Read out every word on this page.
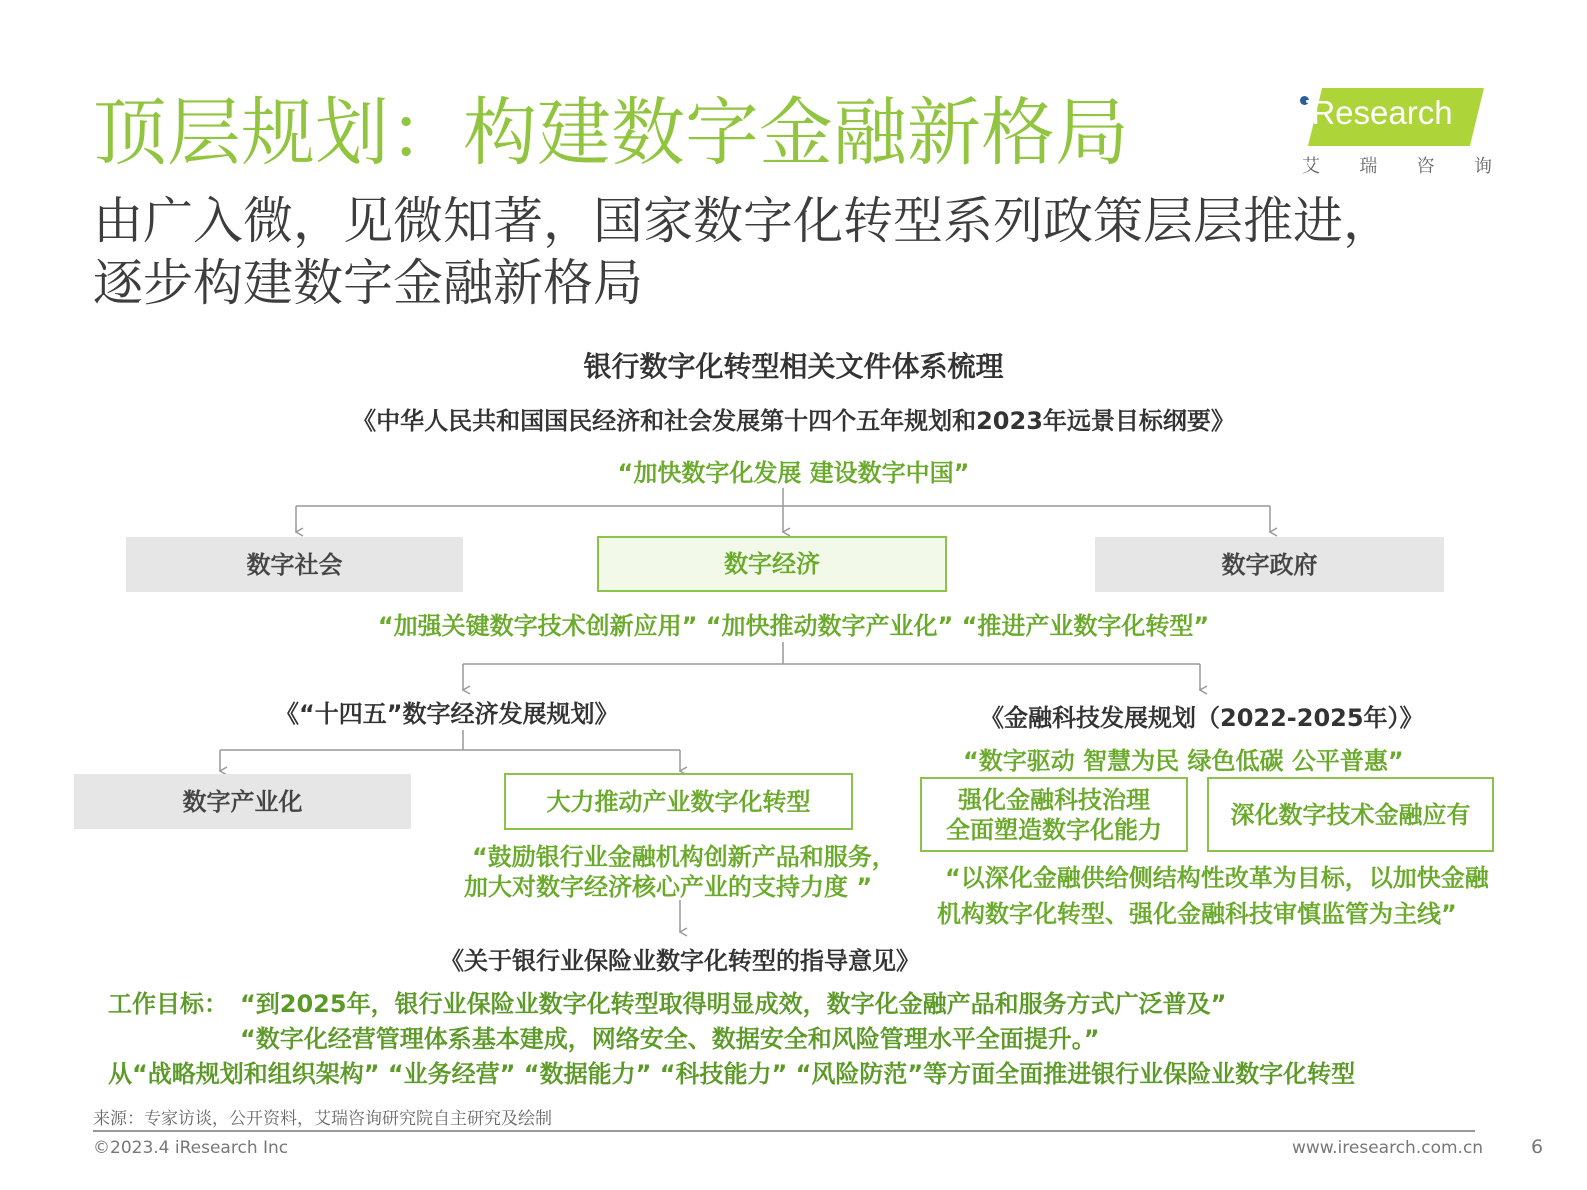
顶层规划：构建数字金融新格局
由广入微，见微知著，国家数字化转型系列政策层层推进，
逐步构建数字金融新格局
iResearch
艾 瑞 咨 询
银行数字化转型相关文件体系梳理
《中华人民共和国国民经济和社会发展第十四个五年规划和2023年远景目标纲要》
“加快数字化发展 建设数字中国”
数字社会	数字经济	数字政府
“加强关键数字技术创新应用” “加快推动数字产业化” “推进产业数字化转型”
《“十四五”数字经济发展规划》	《金融科技发展规划（2022-2025年）》
“数字驱动 智慧为民 绿色低碳 公平普惠”
数字产业化	大力推动产业数字化转型	强化金融科技治理
全面塑造数字化能力
深化数字技术金融应有
“鼓励银行业金融机构创新产品和服务，
加大对数字经济核心产业的支持力度 ”	“以深化金融供给侧结构性改革为目标，以加快金融
机构数字化转型、强化金融科技审慎监管为主线”
《关于银行业保险业数字化转型的指导意见》
工作目标： “到2025年，银行业保险业数字化转型取得明显成效，数字化金融产品和服务方式广泛普及”
“数字化经营管理体系基本建成，网络安全、数据安全和风险管理水平全面提升。”
从“战略规划和组织架构” “业务经营” “数据能力” “科技能力” “风险防范”等方面全面推进银行业保险业数字化转型
来源：专家访谈，公开资料，艾瑞咨询研究院自主研究及绘制
©2023.4 iResearch Inc	www.iresearch.com.cn	6
